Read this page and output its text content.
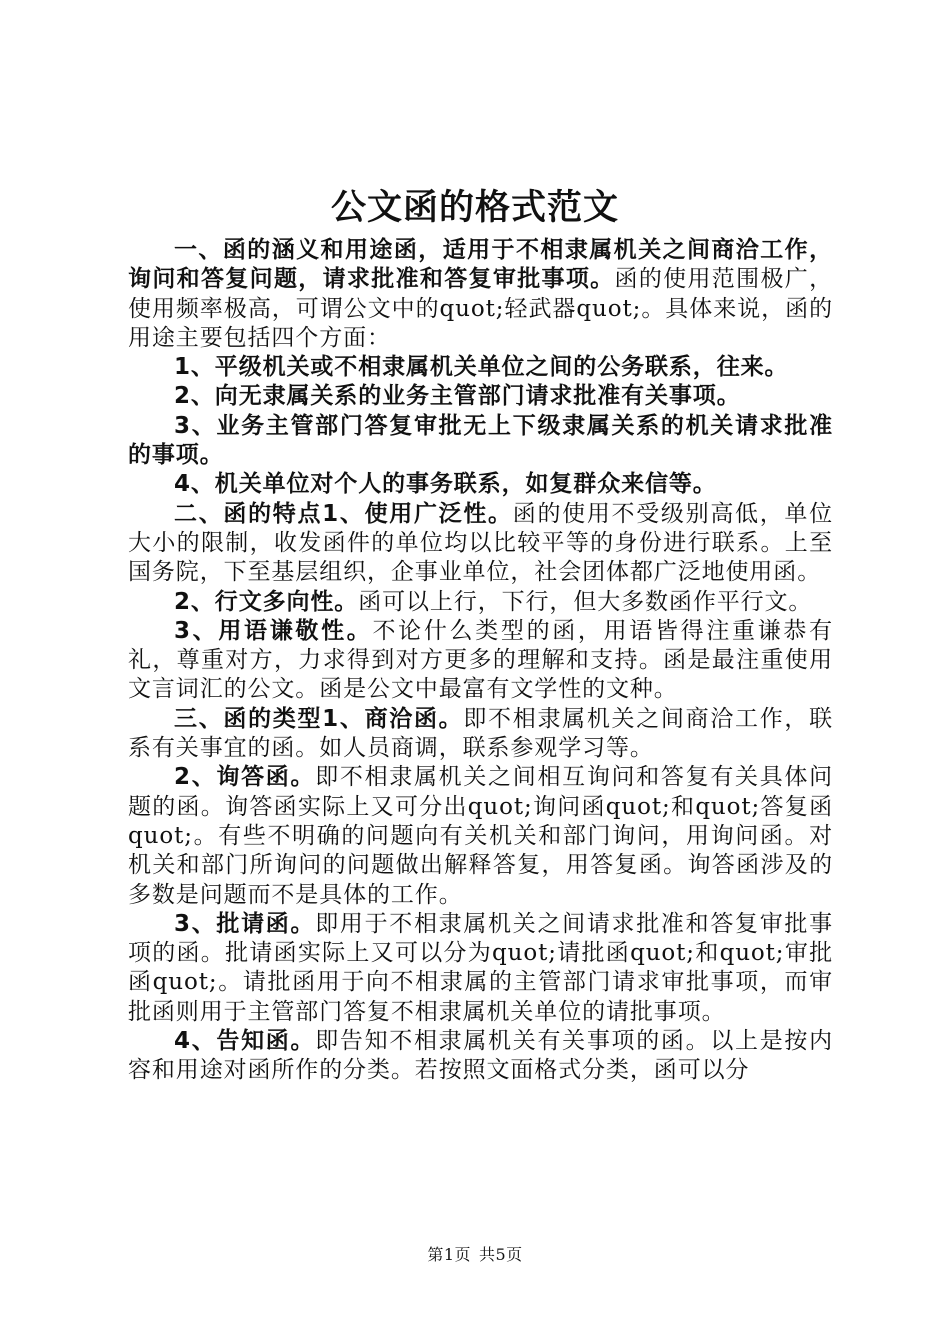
公文函的格式范文

一、函的涵义和用途函，适用于不相隶属机关之间商洽工作，询问和答复问题，请求批准和答复审批事项。函的使用范围极广，使用频率极高，可谓公文中的quot;轻武器quot;。具体来说，函的用途主要包括四个方面：

1、平级机关或不相隶属机关单位之间的公务联系，往来。

2、向无隶属关系的业务主管部门请求批准有关事项。

3、业务主管部门答复审批无上下级隶属关系的机关请求批准的事项。

4、机关单位对个人的事务联系，如复群众来信等。

二、函的特点1、使用广泛性。函的使用不受级别高低，单位大小的限制，收发函件的单位均以比较平等的身份进行联系。上至国务院，下至基层组织，企事业单位，社会团体都广泛地使用函。

2、行文多向性。函可以上行，下行，但大多数函作平行文。

3、用语谦敬性。不论什么类型的函，用语皆得注重谦恭有礼，尊重对方，力求得到对方更多的理解和支持。函是最注重使用文言词汇的公文。函是公文中最富有文学性的文种。

三、函的类型1、商洽函。即不相隶属机关之间商洽工作，联系有关事宜的函。如人员商调，联系参观学习等。

2、询答函。即不相隶属机关之间相互询问和答复有关具体问题的函。询答函实际上又可分出quot;询问函quot;和quot;答复函quot;。有些不明确的问题向有关机关和部门询问，用询问函。对机关和部门所询问的问题做出解释答复，用答复函。询答函涉及的多数是问题而不是具体的工作。

3、批请函。即用于不相隶属机关之间请求批准和答复审批事项的函。批请函实际上又可以分为quot;请批函quot;和quot;审批函quot;。请批函用于向不相隶属的主管部门请求审批事项，而审批函则用于主管部门答复不相隶属机关单位的请批事项。

4、告知函。即告知不相隶属机关有关事项的函。以上是按内容和用途对函所作的分类。若按照文面格式分类，函可以分

第1页 共5页
